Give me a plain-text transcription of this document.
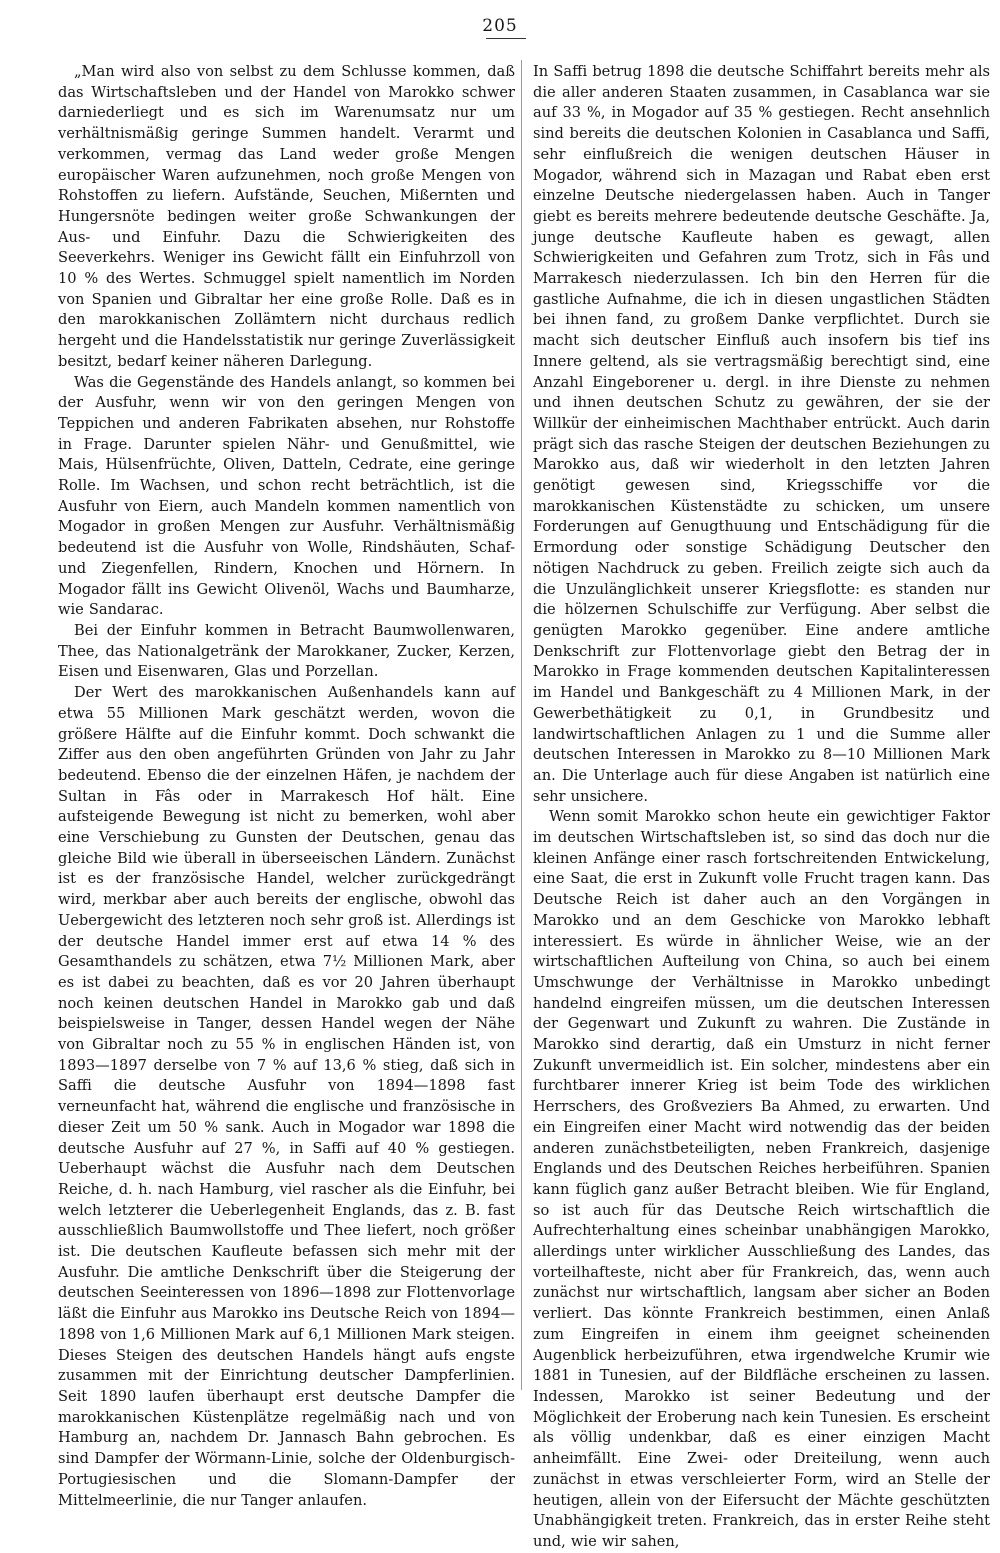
205

„Man wird also von selbst zu dem Schlusse kommen, daß das Wirtschaftsleben und der Handel von Marokko schwer darniederliegt und es sich im Warenumsatz nur um verhältnismäßig geringe Summen handelt. Verarmt und verkommen, vermag das Land weder große Mengen europäischer Waren aufzunehmen, noch große Mengen von Rohstoffen zu liefern. Aufstände, Seuchen, Mißernten und Hungersnöte bedingen weiter große Schwankungen der Aus- und Einfuhr. Dazu die Schwierigkeiten des Seeverkehrs. Weniger ins Gewicht fällt ein Einfuhrzoll von 10 % des Wertes. Schmuggel spielt namentlich im Norden von Spanien und Gibraltar her eine große Rolle. Daß es in den marokkanischen Zollämtern nicht durchaus redlich hergeht und die Handelsstatistik nur geringe Zuverlässigkeit besitzt, bedarf keiner näheren Darlegung.

Was die Gegenstände des Handels anlangt, so kommen bei der Ausfuhr, wenn wir von den geringen Mengen von Teppichen und anderen Fabrikaten absehen, nur Rohstoffe in Frage. Darunter spielen Nähr- und Genußmittel, wie Mais, Hülsenfrüchte, Oliven, Datteln, Cedrate, eine geringe Rolle. Im Wachsen, und schon recht beträchtlich, ist die Ausfuhr von Eiern, auch Mandeln kommen namentlich von Mogador in großen Mengen zur Ausfuhr. Verhältnismäßig bedeutend ist die Ausfuhr von Wolle, Rindshäuten, Schaf- und Ziegenfellen, Rindern, Knochen und Hörnern. In Mogador fällt ins Gewicht Olivenöl, Wachs und Baumharze, wie Sandarac.

Bei der Einfuhr kommen in Betracht Baumwollenwaren, Thee, das Nationalgetränk der Marokkaner, Zucker, Kerzen, Eisen und Eisenwaren, Glas und Porzellan.

Der Wert des marokkanischen Außenhandels kann auf etwa 55 Millionen Mark geschätzt werden, wovon die größere Hälfte auf die Einfuhr kommt. Doch schwankt die Ziffer aus den oben angeführten Gründen von Jahr zu Jahr bedeutend. Ebenso die der einzelnen Häfen, je nachdem der Sultan in Fâs oder in Marrakesch Hof hält. Eine aufsteigende Bewegung ist nicht zu bemerken, wohl aber eine Verschiebung zu Gunsten der Deutschen, genau das gleiche Bild wie überall in überseeischen Ländern. Zunächst ist es der französische Handel, welcher zurückgedrängt wird, merkbar aber auch bereits der englische, obwohl das Uebergewicht des letzteren noch sehr groß ist. Allerdings ist der deutsche Handel immer erst auf etwa 14 % des Gesamthandels zu schätzen, etwa 7½ Millionen Mark, aber es ist dabei zu beachten, daß es vor 20 Jahren überhaupt noch keinen deutschen Handel in Marokko gab und daß beispielsweise in Tanger, dessen Handel wegen der Nähe von Gibraltar noch zu 55 % in englischen Händen ist, von 1893—1897 derselbe von 7 % auf 13,6 % stieg, daß sich in Saffi die deutsche Ausfuhr von 1894—1898 fast verneunfacht hat, während die englische und französische in dieser Zeit um 50 % sank. Auch in Mogador war 1898 die deutsche Ausfuhr auf 27 %, in Saffi auf 40 % gestiegen. Ueberhaupt wächst die Ausfuhr nach dem Deutschen Reiche, d. h. nach Hamburg, viel rascher als die Einfuhr, bei welch letzterer die Ueberlegenheit Englands, das z. B. fast ausschließlich Baumwollstoffe und Thee liefert, noch größer ist. Die deutschen Kaufleute befassen sich mehr mit der Ausfuhr. Die amtliche Denkschrift über die Steigerung der deutschen Seeinteressen von 1896—1898 zur Flottenvorlage läßt die Einfuhr aus Marokko ins Deutsche Reich von 1894—1898 von 1,6 Millionen Mark auf 6,1 Millionen Mark steigen. Dieses Steigen des deutschen Handels hängt aufs engste zusammen mit der Einrichtung deutscher Dampferlinien. Seit 1890 laufen überhaupt erst deutsche Dampfer die marokkanischen Küstenplätze regelmäßig nach und von Hamburg an, nachdem Dr. Jannasch Bahn gebrochen. Es sind Dampfer der Wörmann-Linie, solche der Oldenburgisch-Portugiesischen und die Slomann-Dampfer der Mittelmeerlinie, die nur Tanger anlaufen.

In Saffi betrug 1898 die deutsche Schiffahrt bereits mehr als die aller anderen Staaten zusammen, in Casablanca war sie auf 33 %, in Mogador auf 35 % gestiegen. Recht ansehnlich sind bereits die deutschen Kolonien in Casablanca und Saffi, sehr einflußreich die wenigen deutschen Häuser in Mogador, während sich in Mazagan und Rabat eben erst einzelne Deutsche niedergelassen haben. Auch in Tanger giebt es bereits mehrere bedeutende deutsche Geschäfte. Ja, junge deutsche Kaufleute haben es gewagt, allen Schwierigkeiten und Gefahren zum Trotz, sich in Fâs und Marrakesch niederzulassen. Ich bin den Herren für die gastliche Aufnahme, die ich in diesen ungastlichen Städten bei ihnen fand, zu großem Danke verpflichtet. Durch sie macht sich deutscher Einfluß auch insofern bis tief ins Innere geltend, als sie vertragsmäßig berechtigt sind, eine Anzahl Eingeborener u. dergl. in ihre Dienste zu nehmen und ihnen deutschen Schutz zu gewähren, der sie der Willkür der einheimischen Machthaber entrückt. Auch darin prägt sich das rasche Steigen der deutschen Beziehungen zu Marokko aus, daß wir wiederholt in den letzten Jahren genötigt gewesen sind, Kriegsschiffe vor die marokkanischen Küstenstädte zu schicken, um unsere Forderungen auf Genugthuung und Entschädigung für die Ermordung oder sonstige Schädigung Deutscher den nötigen Nachdruck zu geben. Freilich zeigte sich auch da die Unzulänglichkeit unserer Kriegsflotte: es standen nur die hölzernen Schulschiffe zur Verfügung. Aber selbst die genügten Marokko gegenüber. Eine andere amtliche Denkschrift zur Flottenvorlage giebt den Betrag der in Marokko in Frage kommenden deutschen Kapitalinteressen im Handel und Bankgeschäft zu 4 Millionen Mark, in der Gewerbethätigkeit zu 0,1, in Grundbesitz und landwirtschaftlichen Anlagen zu 1 und die Summe aller deutschen Interessen in Marokko zu 8—10 Millionen Mark an. Die Unterlage auch für diese Angaben ist natürlich eine sehr unsichere.

Wenn somit Marokko schon heute ein gewichtiger Faktor im deutschen Wirtschaftsleben ist, so sind das doch nur die kleinen Anfänge einer rasch fortschreitenden Entwickelung, eine Saat, die erst in Zukunft volle Frucht tragen kann. Das Deutsche Reich ist daher auch an den Vorgängen in Marokko und an dem Geschicke von Marokko lebhaft interessiert. Es würde in ähnlicher Weise, wie an der wirtschaftlichen Aufteilung von China, so auch bei einem Umschwunge der Verhältnisse in Marokko unbedingt handelnd eingreifen müssen, um die deutschen Interessen der Gegenwart und Zukunft zu wahren. Die Zustände in Marokko sind derartig, daß ein Umsturz in nicht ferner Zukunft unvermeidlich ist. Ein solcher, mindestens aber ein furchtbarer innerer Krieg ist beim Tode des wirklichen Herrschers, des Großveziers Ba Ahmed, zu erwarten. Und ein Eingreifen einer Macht wird notwendig das der beiden anderen zunächstbeteiligten, neben Frankreich, dasjenige Englands und des Deutschen Reiches herbeiführen. Spanien kann füglich ganz außer Betracht bleiben. Wie für England, so ist auch für das Deutsche Reich wirtschaftlich die Aufrechterhaltung eines scheinbar unabhängigen Marokko, allerdings unter wirklicher Ausschließung des Landes, das vorteilhafteste, nicht aber für Frankreich, das, wenn auch zunächst nur wirtschaftlich, langsam aber sicher an Boden verliert. Das könnte Frankreich bestimmen, einen Anlaß zum Eingreifen in einem ihm geeignet scheinenden Augenblick herbeizuführen, etwa irgendwelche Krumir wie 1881 in Tunesien, auf der Bildfläche erscheinen zu lassen. Indessen, Marokko ist seiner Bedeutung und der Möglichkeit der Eroberung nach kein Tunesien. Es erscheint als völlig undenkbar, daß es einer einzigen Macht anheimfällt. Eine Zwei- oder Dreiteilung, wenn auch zunächst in etwas verschleierter Form, wird an Stelle der heutigen, allein von der Eifersucht der Mächte geschützten Unabhängigkeit treten. Frankreich, das in erster Reihe steht und, wie wir sahen,
